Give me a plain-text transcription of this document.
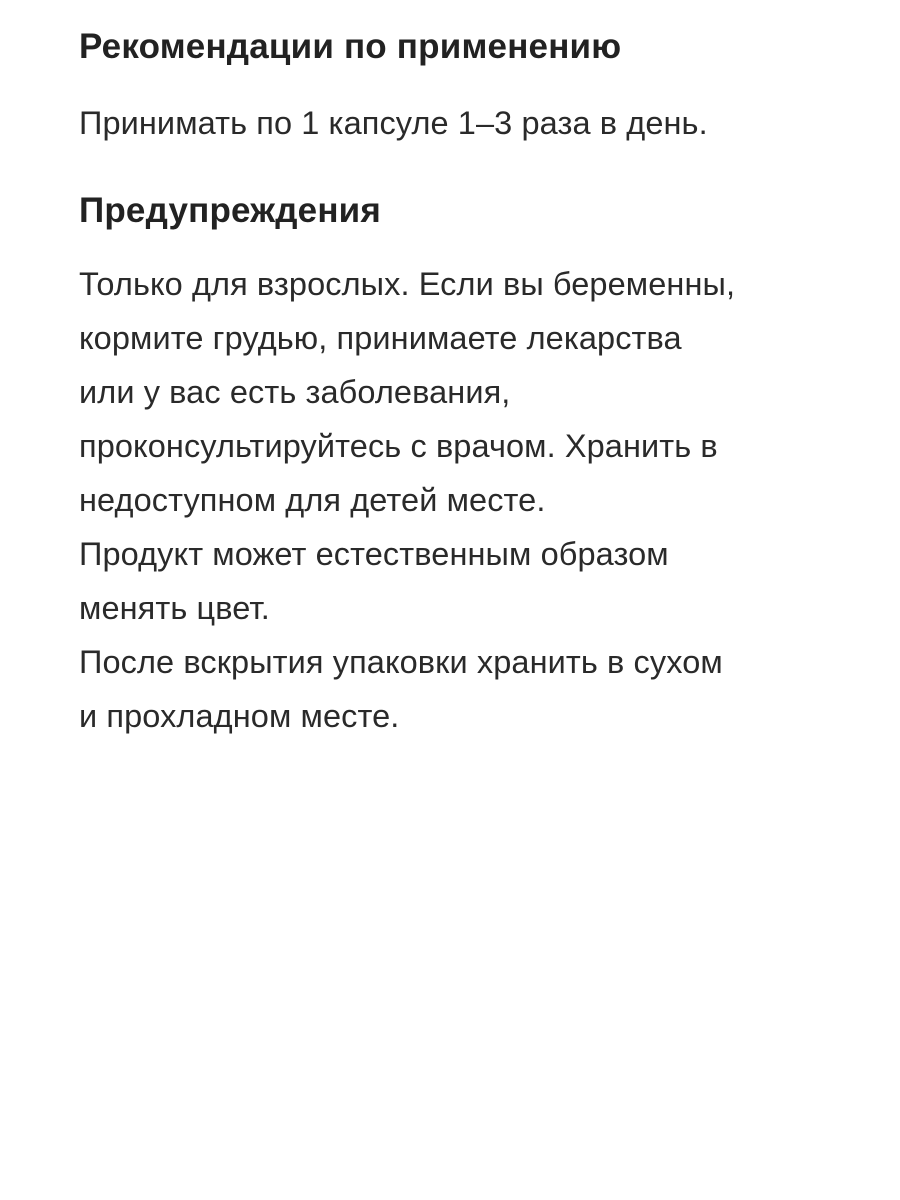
Рекомендации по применению

Принимать по 1 капсуле 1–3 раза в день.

Предупреждения

Только для взрослых. Если вы беременны,
кормите грудью, принимаете лекарства
или у вас есть заболевания,
проконсультируйтесь с врачом. Хранить в
недоступном для детей месте.
Продукт может естественным образом
менять цвет.
После вскрытия упаковки хранить в сухом
и прохладном месте.
